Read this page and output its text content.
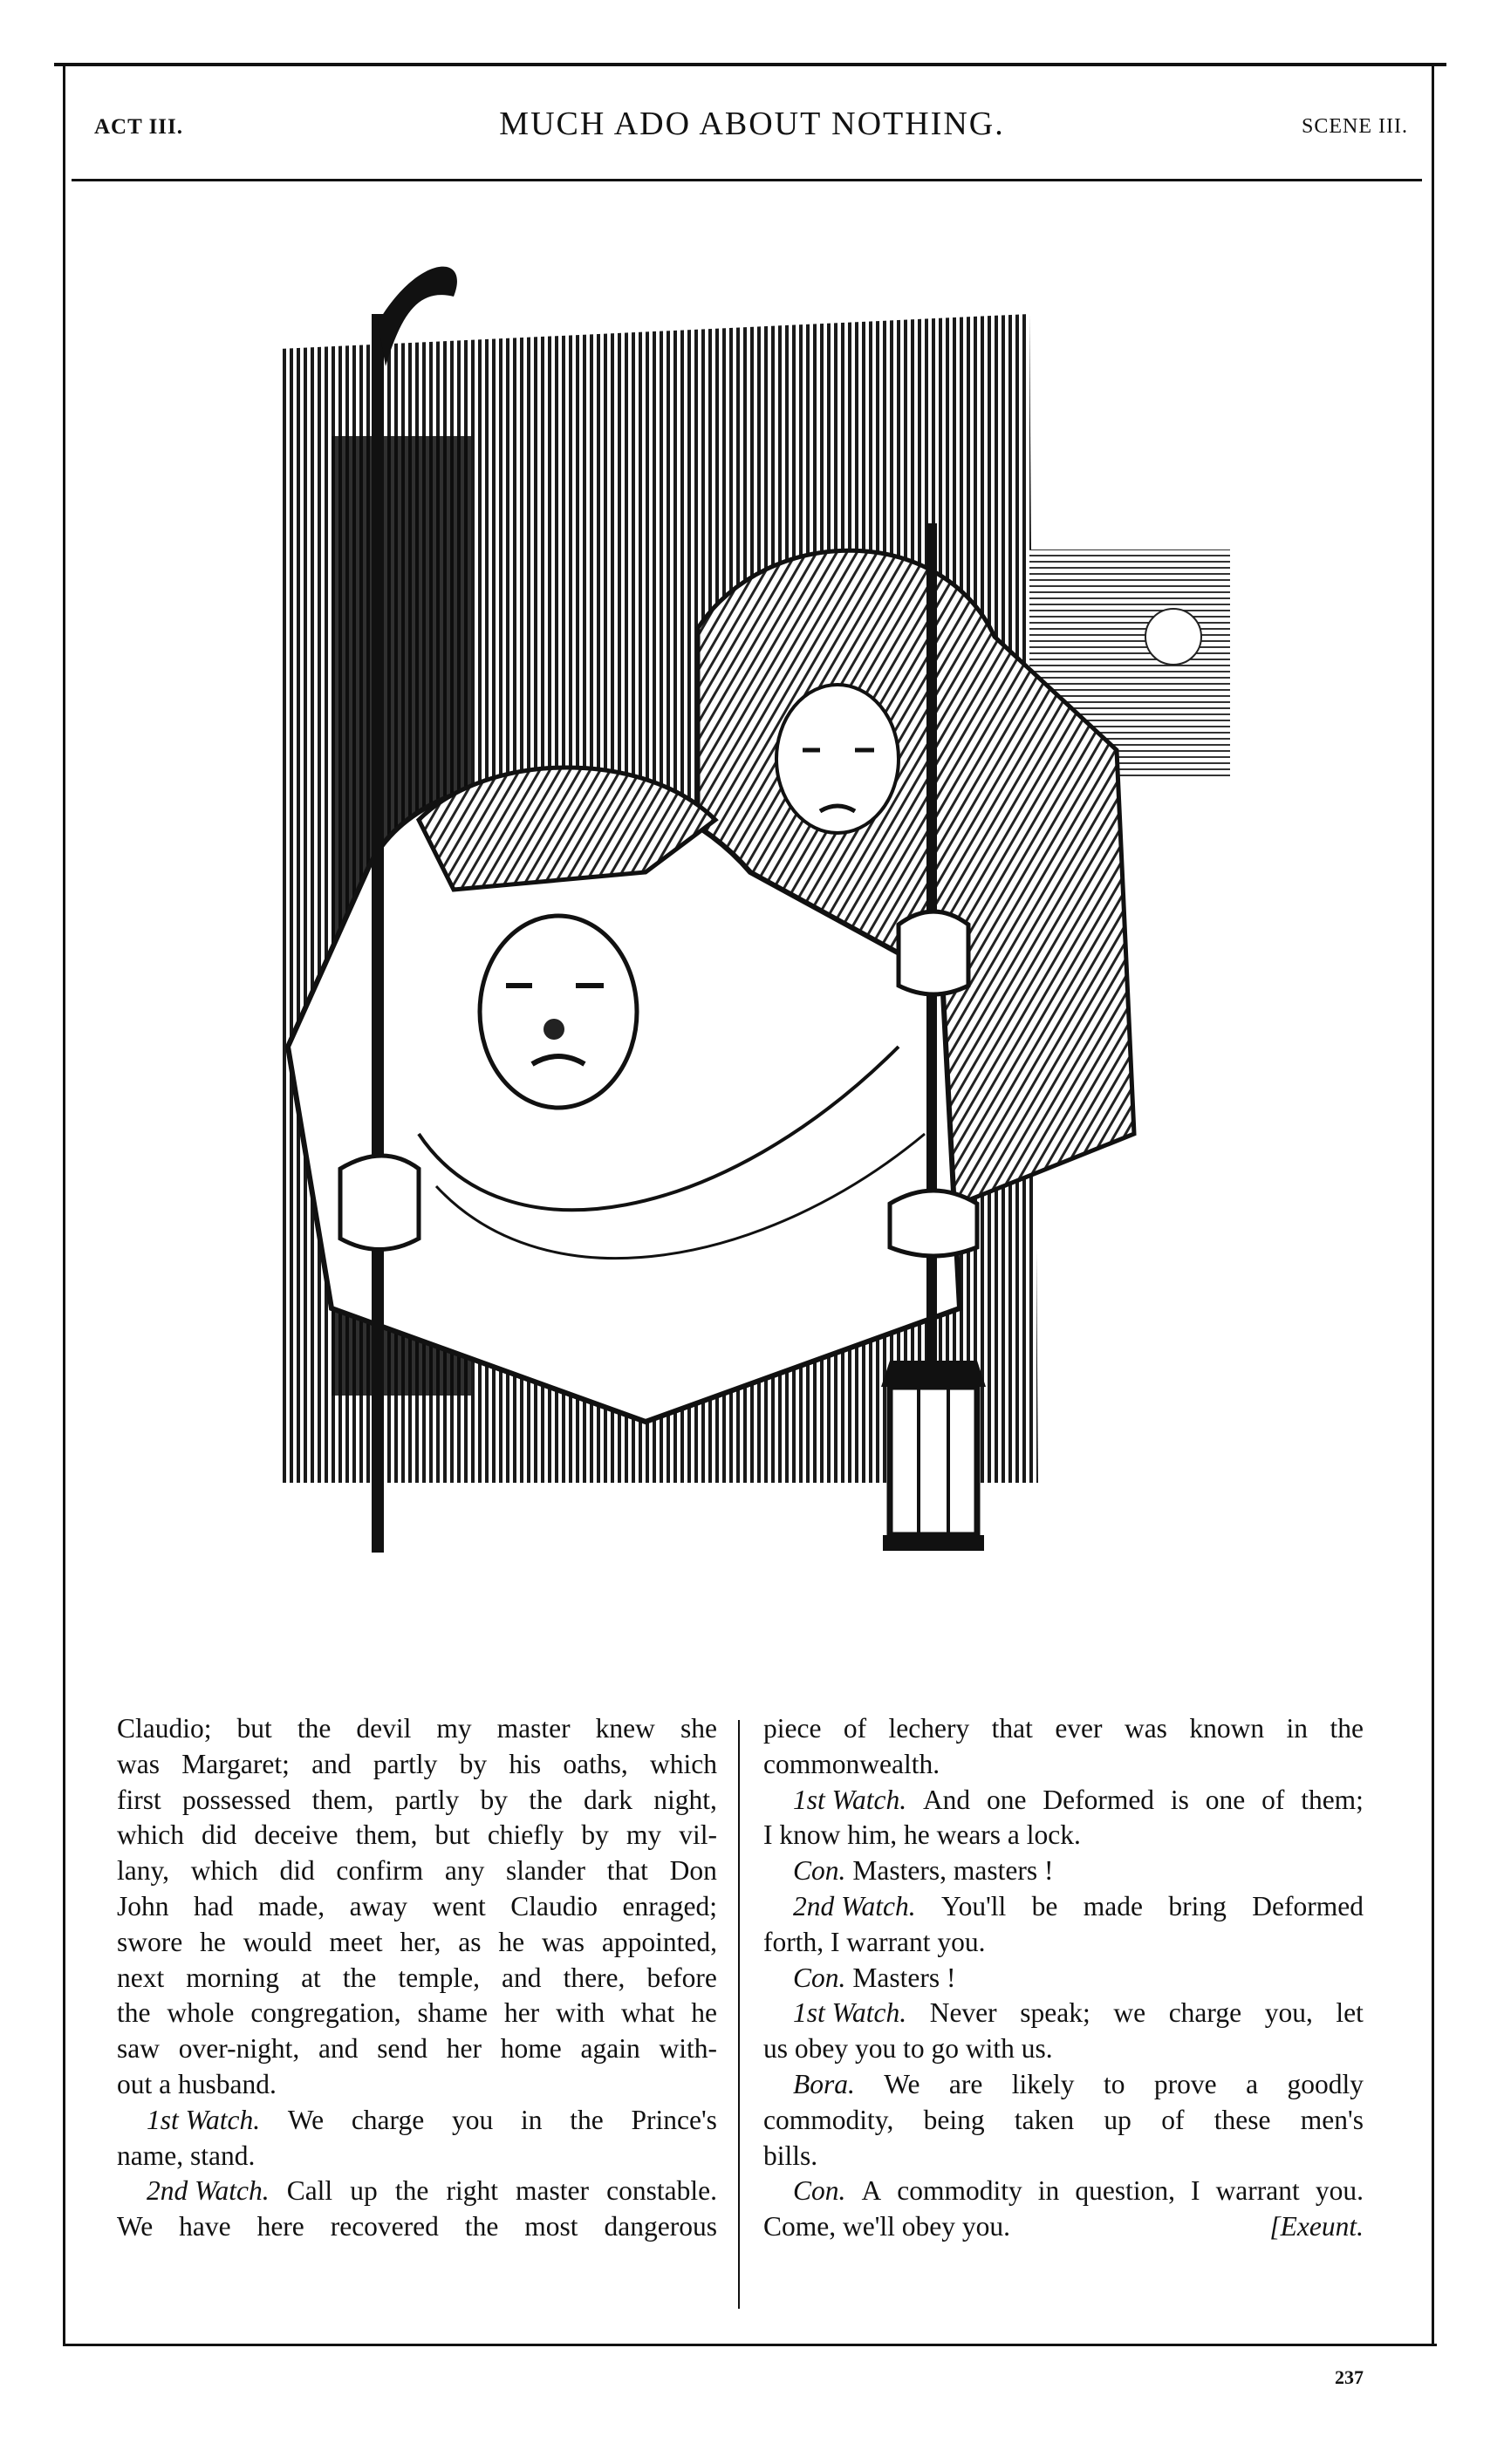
ACT III.	MUCH ADO ABOUT NOTHING.	SCENE III.
Claudio; but the devil my master knew she
was Margaret; and partly by his oaths, which
first possessed them, partly by the dark night,
which did deceive them, but chiefly by my vil-
lany, which did confirm any slander that Don
John had made, away went Claudio enraged;
swore he would meet her, as he was appointed,
next morning at the temple, and there, before
the whole congregation, shame her with what he
saw over-night, and send her home again with-
out a husband.
1st Watch. We charge you in the Prince's
name, stand.
2nd Watch. Call up the right master constable.
We have here recovered the most dangerous
piece of lechery that ever was known in the
commonwealth.
1st Watch. And one Deformed is one of them;
I know him, he wears a lock.
Con. Masters, masters !
2nd Watch. You'll be made bring Deformed
forth, I warrant you.
Con. Masters !
1st Watch. Never speak; we charge you, let
us obey you to go with us.
Bora. We are likely to prove a goodly
commodity, being taken up of these men's
bills.
Con. A commodity in question, I warrant you.
Come, we'll obey you.	[Exeunt.
237
